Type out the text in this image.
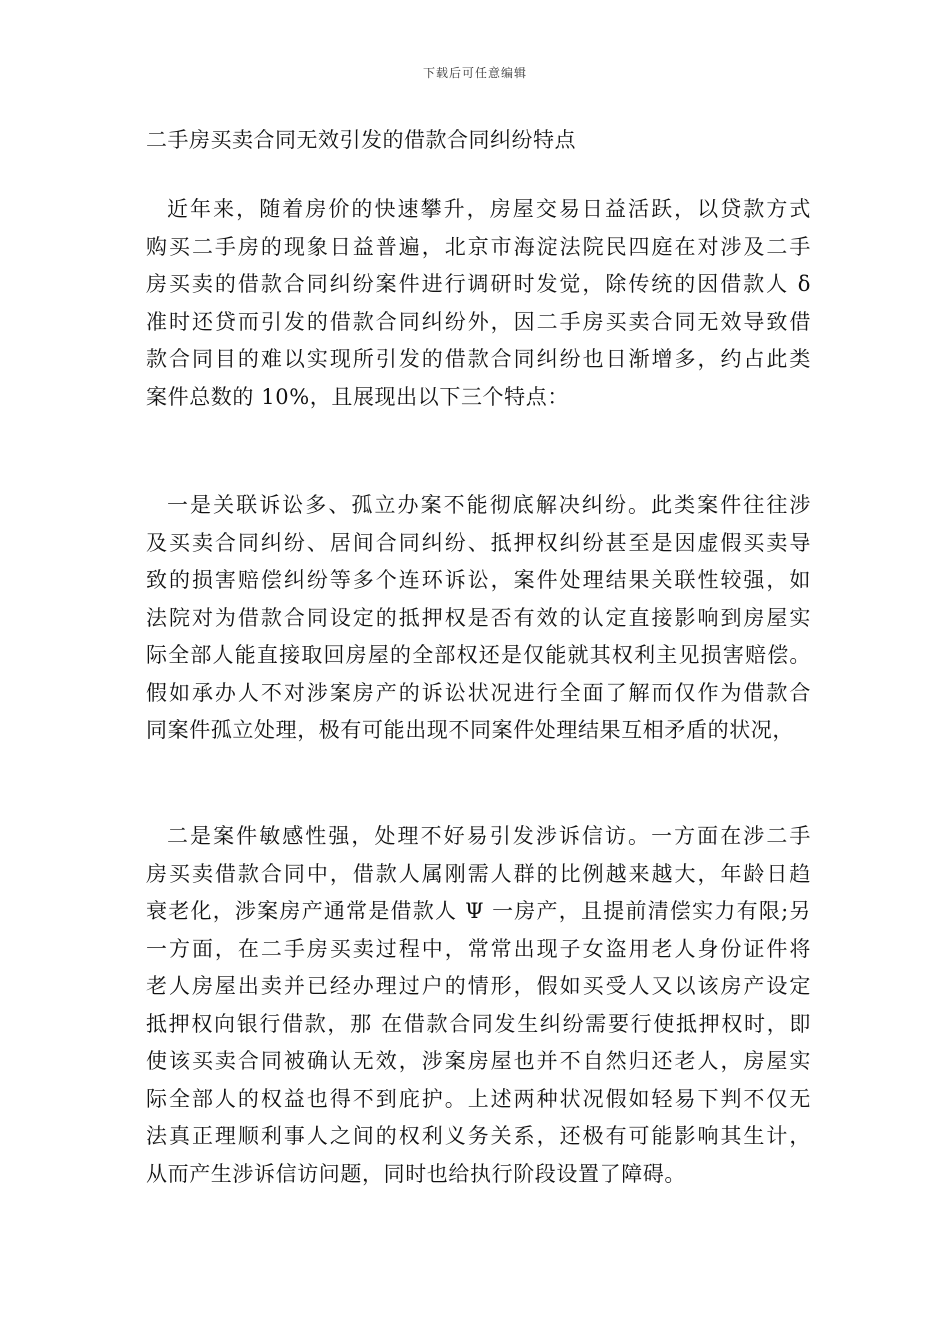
下载后可任意编辑
二手房买卖合同无效引发的借款合同纠纷特点
近年来，随着房价的快速攀升，房屋交易日益活跃，以贷款方式
购买二手房的现象日益普遍，北京市海淀法院民四庭在对涉及二手
房买卖的借款合同纠纷案件进行调研时发觉，除传统的因借款人 δ
准时还贷而引发的借款合同纠纷外，因二手房买卖合同无效导致借
款合同目的难以实现所引发的借款合同纠纷也日渐增多，约占此类
案件总数的 10%，且展现出以下三个特点：
一是关联诉讼多、孤立办案不能彻底解决纠纷。此类案件往往涉
及买卖合同纠纷、居间合同纠纷、抵押权纠纷甚至是因虚假买卖导
致的损害赔偿纠纷等多个连环诉讼，案件处理结果关联性较强，如
法院对为借款合同设定的抵押权是否有效的认定直接影响到房屋实
际全部人能直接取回房屋的全部权还是仅能就其权利主见损害赔偿。
假如承办人不对涉案房产的诉讼状况进行全面了解而仅作为借款合
同案件孤立处理，极有可能出现不同案件处理结果互相矛盾的状况，
二是案件敏感性强，处理不好易引发涉诉信访。一方面在涉二手
房买卖借款合同中，借款人属刚需人群的比例越来越大，年龄日趋
衰老化，涉案房产通常是借款人 Ψ 一房产，且提前清偿实力有限;另
一方面，在二手房买卖过程中，常常出现子女盗用老人身份证件将
老人房屋出卖并已经办理过户的情形，假如买受人又以该房产设定
抵押权向银行借款，那 在借款合同发生纠纷需要行使抵押权时，即
使该买卖合同被确认无效，涉案房屋也并不自然归还老人，房屋实
际全部人的权益也得不到庇护。上述两种状况假如轻易下判不仅无
法真正理顺利事人之间的权利义务关系，还极有可能影响其生计，
从而产生涉诉信访问题，同时也给执行阶段设置了障碍。
